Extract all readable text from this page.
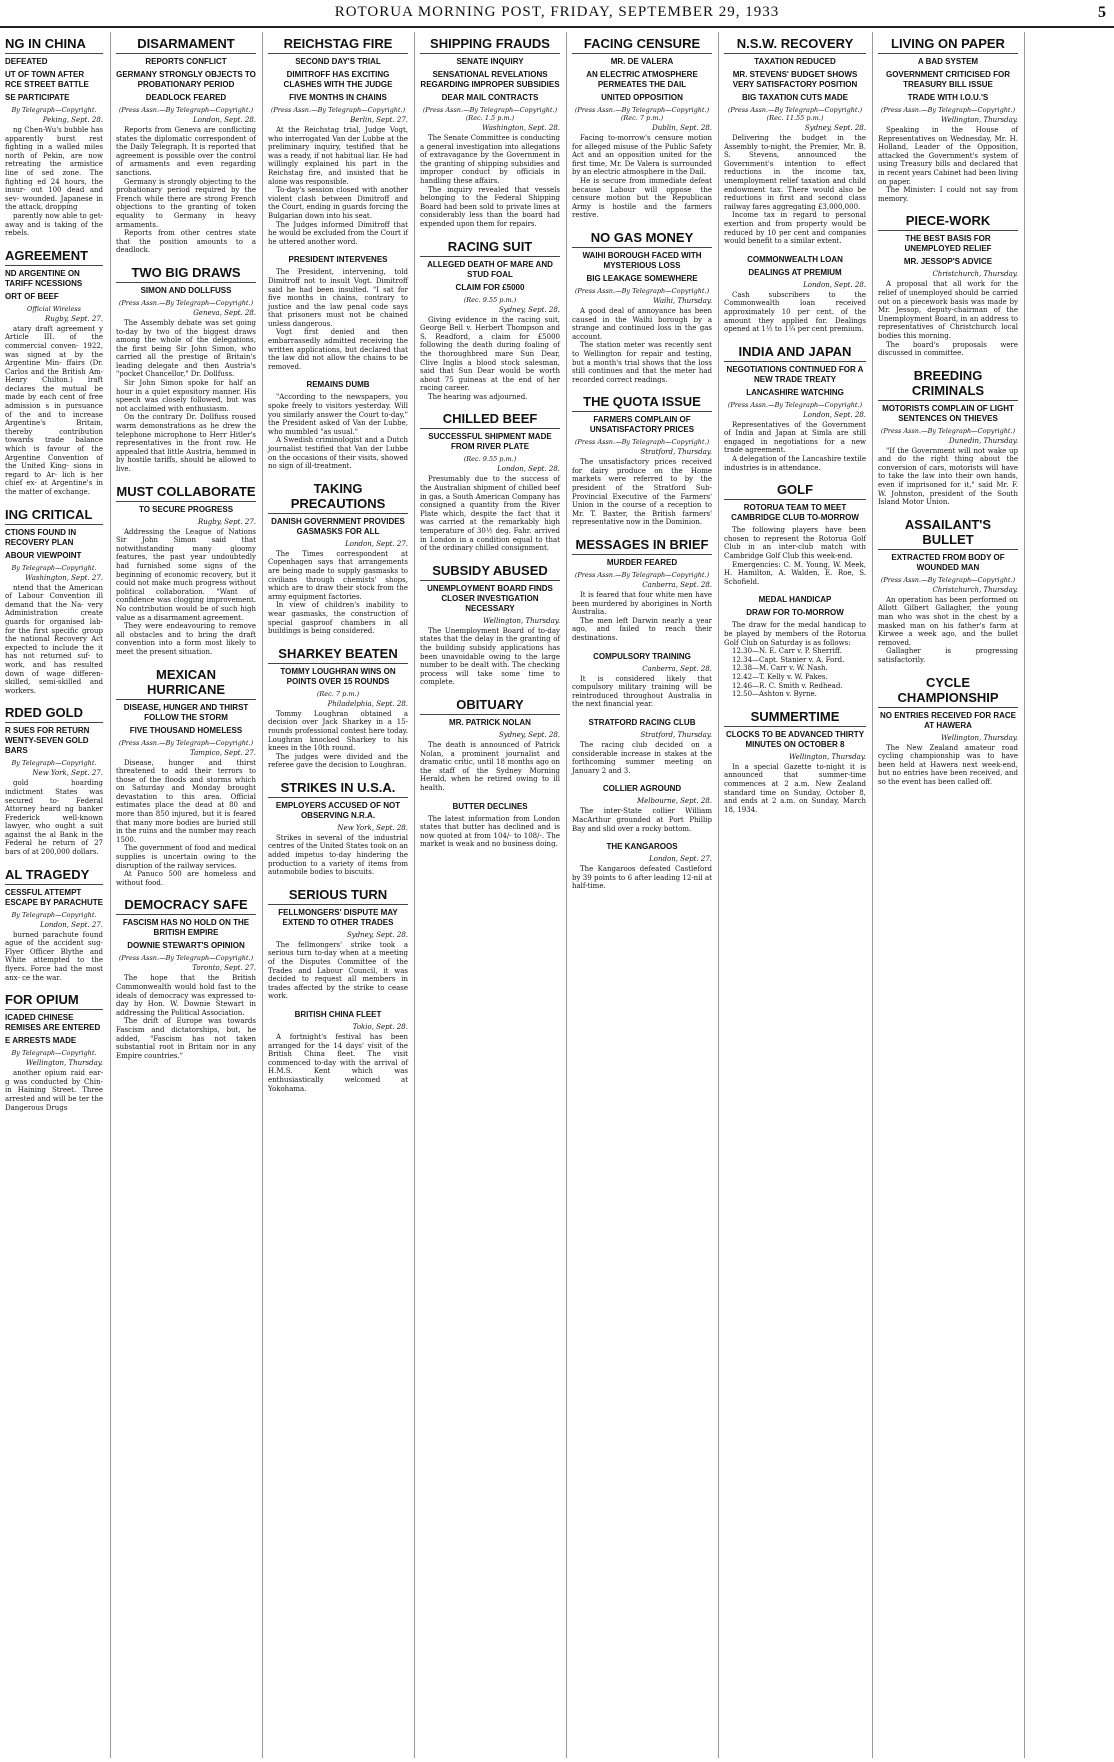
ROTORUA MORNING POST, FRIDAY, SEPTEMBER 29, 1933	5
NG IN CHINA
DEFEATED
UT OF TOWN AFTER RCE STREET BATTLE
SE PARTICIPATE
By Telegraph—Copyright.
Peking, Sept. 28.

ng Chen-Wu's bubble has apparently burst rest fighting in a walled miles north of Pekin, are now retreating the armistice line of sed zone. The fighting ed 24 hours, the insur- out 100 dead and sev- wounded. Japanese in the attack, dropping

parently now able to get-away and is taking of the rebels.

AGREEMENT
ND ARGENTINE ON TARIFF NCESSIONS
ORT OF BEEF
Official Wireless
Rugby, Sept. 27.

atary draft agreement y Article III. of the commercial conven- 1922, was signed at by the Argentine Min- ffairs (Dr. Carlos and the British Am- Henry Chilton.) lraft declares the mutual be made by each cent of free admission s in pursuance of the and to increase Argentine's Britain, thereby contribution towards trade balance which is favour of the Argentine Convention of the United King- sions in regard to Ar- lich is her chief ex- at Argentine's in the matter of exchange.

ING CRITICAL
CTIONS FOUND IN RECOVERY PLAN
ABOUR VIEWPOINT
By Telegraph—Copyright.
Washington, Sept. 27.

ntend that the American of Labour Convention ill demand that the Na- very Administration create guards for organised lab- for the first specific group the national Recovery Act expected to include the it has not returned suf- to work, and has resulted down of wage differen- skilled, semi-skilled and workers.

RDED GOLD
R SUES FOR RETURN WENTY-SEVEN GOLD BARS
By Telegraph—Copyright.
New York, Sept. 27.

gold hoarding indictment States was secured to- Federal Attorney heard ng banker Frederick well-known lawyer, who ought a suit against the al Bank in the Federal he return of 27 bars of at 200,000 dollars.

AL TRAGEDY
CESSFUL ATTEMPT ESCAPE BY PARACHUTE
By Telegraph—Copyright.
London, Sept. 27.

burned parachute found ague of the accident sug- Flyer Officer Blythe and White attempted to the flyers. Force had the most anx- ce the war.

FOR OPIUM
ICADED CHINESE REMISES ARE ENTERED
E ARRESTS MADE
By Telegraph—Copyright.
Wellington, Thursday.

another opium raid ear- g was conducted by Chin- in Haining Street. Three arrested and will be ter the Dangerous Drugs

DISARMAMENT
REPORTS CONFLICT
GERMANY STRONGLY OBJECTS TO PROBATIONARY PERIOD
DEADLOCK FEARED
(Press Assn.—By Telegraph—Copyright.)
London, Sept. 28.

Reports from Geneva are conflicting states the diplomatic correspondent of the Daily Telegraph. It is reported that agreement is possible over the control of armaments and even regarding sanctions.

Germany is strongly objecting to the probationary period required by the French while there are strong French objections to the granting of token equality to Germany in heavy armaments.

Reports from other centres state that the position amounts to a deadlock.

TWO BIG DRAWS
SIMON AND DOLLFUSS
(Press Assn.—By Telegraph—Copyright.)
Geneva, Sept. 28.

The Assembly debate was set going to-day by two of the biggest draws among the whole of the delegations, the first being Sir John Simon, who carried all the prestige of Britain's leading delegate and then Austria's "pocket Chancellor," Dr. Dollfuss.

Sir John Simon spoke for half an hour in a quiet expository manner. His speech was closely followed, but was not acclaimed with enthusiasm.

On the contrary Dr. Dollfuss roused warm demonstrations as he drew the telephone microphone to Herr Hitler's representatives in the front row. He appealed that little Austria, hemmed in by hostile tariffs, should be allowed to live.

MUST COLLABORATE
TO SECURE PROGRESS
Rugby, Sept. 27.

Addressing the League of Nations Sir John Simon said that notwithstanding many gloomy features, the past year undoubtedly had furnished some signs of the beginning of economic recovery, but it could not make much progress without political collaboration. "Want of confidence was clogging improvement. No contribution would be of such high value as a disarmament agreement.

They were endeavouring to remove all obstacles and to bring the draft convention into a form most likely to meet the present situation.

MEXICAN HURRICANE
DISEASE, HUNGER AND THIRST FOLLOW THE STORM
FIVE THOUSAND HOMELESS
(Press Assn.—By Telegraph—Copyright.)
Tampico, Sept. 27.

Disease, hunger and thirst threatened to add their terrors to those of the floods and storms which on Saturday and Monday brought devastation to this area. Official estimates place the dead at 80 and more than 850 injured, but it is feared that many more bodies are buried still in the ruins and the number may reach 1500.

The government of food and medical supplies is uncertain owing to the disruption of the railway services.

At Panuco 500 are homeless and without food.

DEMOCRACY SAFE
FASCISM HAS NO HOLD ON THE BRITISH EMPIRE
DOWNIE STEWART'S OPINION
(Press Assn.—By Telegraph—Copyright.)
Toronto, Sept. 27.

The hope that the British Commonwealth would hold fast to the ideals of democracy was expressed to-day by Hon. W. Downie Stewart in addressing the Political Association.

The drift of Europe was towards Fascism and dictatorships, but, he added, "Fascism has not taken substantial root in Britain nor in any Empire countries."

REICHSTAG FIRE
SECOND DAY'S TRIAL
DIMITROFF HAS EXCITING CLASHES WITH THE JUDGE
FIVE MONTHS IN CHAINS
(Press Assn.—By Telegraph—Copyright.)
Berlin, Sept. 27.

At the Reichstag trial, Judge Vogt, who interrogated Van der Lubbe at the preliminary inquiry, testified that he was a ready, if not habitual liar. He had willingly explained his part in the Reichstag fire, and insisted that he alone was responsible.

To-day's session closed with another violent clash between Dimitroff and the Court, ending in guards forcing the Bulgarian down into his seat.

The Judges informed Dimitroff that he would be excluded from the Court if he uttered another word.

PRESIDENT INTERVENES

The President, intervening, told Dimitroff not to insult Vogt. Dimitroff said he had been insulted. "I sat for five months in chains, contrary to justice and the law penal code says that prisoners must not be chained unless dangerous.

Vogt first denied and then embarrassedly admitted receiving the written applications, but declared that the law did not allow the chains to be removed.

REMAINS DUMB

"According to the newspapers, you spoke freely to visitors yesterday. Will you similarly answer the Court to-day," the President asked of Van der Lubbe, who mumbled "as usual."

A Swedish criminologist and a Dutch journalist testified that Van der Lubbe on the occasions of their visits, showed no sign of ill-treatment.

TAKING PRECAUTIONS
DANISH GOVERNMENT PROVIDES GASMASKS FOR ALL
London, Sept. 27.

The Times correspondent at Copenhagen says that arrangements are being made to supply gasmasks to civilians through chemists' shops, which are to draw their stock from the army equipment factories.

In view of children's inability to wear gasmasks, the construction of special gasproof chambers in all buildings is being considered.

SHARKEY BEATEN
TOMMY LOUGHRAN WINS ON POINTS OVER 15 ROUNDS
(Rec. 7 p.m.)
Philadelphia, Sept. 28.

Tommy Loughran obtained a decision over Jack Sharkey in a 15-rounds professional contest here today. Loughran knocked Sharkey to his knees in the 10th round.

The judges were divided and the referee gave the decision to Loughran.

STRIKES IN U.S.A.
EMPLOYERS ACCUSED OF NOT OBSERVING N.R.A.
New York, Sept. 28.

Strikes in several of the industrial centres of the United States took on an added impetus to-day hindering the production to a variety of items from automobile bodies to biscuits.

SERIOUS TURN
FELLMONGERS' DISPUTE MAY EXTEND TO OTHER TRADES
Sydney, Sept. 28.

The fellmongers' strike took a serious turn to-day when at a meeting of the Disputes Committee of the Trades and Labour Council, it was decided to request all members in trades affected by the strike to cease work.

BRITISH CHINA FLEET
Tokio, Sept. 28.

A fortnight's festival has been arranged for the 14 days' visit of the British China fleet. The visit commenced to-day with the arrival of H.M.S. Kent which was enthusiastically welcomed at Yokohama.

SHIPPING FRAUDS
SENATE INQUIRY
SENSATIONAL REVELATIONS REGARDING IMPROPER SUBSIDIES
DEAR MAIL CONTRACTS
(Press Assn.—By Telegraph—Copyright.) (Rec. 1.5 p.m.)
Washington, Sept. 28.

The Senate Committee is conducting a general investigation into allegations of extravagance by the Government in the granting of shipping subsidies and improper conduct by officials in handling these affairs.

The inquiry revealed that vessels belonging to the Federal Shipping Board had been sold to private lines at considerably less than the board had expended upon them for repairs.

RACING SUIT
ALLEGED DEATH OF MARE AND STUD FOAL
CLAIM FOR £5000
(Rec. 9.55 p.m.)
Sydney, Sept. 28.

Giving evidence in the racing suit, George Bell v. Herbert Thompson and S. Readford, a claim for £5000 following the death during foaling of the thoroughbred mare Sun Dear, Clive Inglis a blood stock salesman, said that Sun Dear would be worth about 75 guineas at the end of her racing career.

The hearing was adjourned.

CHILLED BEEF
SUCCESSFUL SHIPMENT MADE FROM RIVER PLATE
(Rec. 9.55 p.m.)
London, Sept. 28.

Presumably due to the success of the Australian shipment of chilled beef in gas, a South American Company has consigned a quantity from the River Plate which, despite the fact that it was carried at the remarkably high temperature of 30½ deg. Fahr. arrived in London in a condition equal to that of the ordinary chilled consignment.

SUBSIDY ABUSED
UNEMPLOYMENT BOARD FINDS CLOSER INVESTIGATION NECESSARY
Wellington, Thursday.

The Unemployment Board of to-day states that the delay in the granting of the building subsidy applications has been unavoidable owing to the large number to be dealt with. The checking process will take some time to complete.

OBITUARY
MR. PATRICK NOLAN
Sydney, Sept. 28.

The death is announced of Patrick Nolan, a prominent journalist and dramatic critic, until 18 months ago on the staff of the Sydney Morning Herald, when he retired owing to ill health.

BUTTER DECLINES

The latest information from London states that butter has declined and is now quoted at from 104/- to 108/-. The market is weak and no business doing.

FACING CENSURE
MR. DE VALERA
AN ELECTRIC ATMOSPHERE PERMEATES THE DAIL
UNITED OPPOSITION
(Press Assn.—By Telegraph—Copyright.) (Rec. 7 p.m.)
Dublin, Sept. 28.

Facing to-morrow's censure motion for alleged misuse of the Public Safety Act and an opposition united for the first time, Mr. De Valera is surrounded by an electric atmosphere in the Dail.

He is secure from immediate defeat because Labour will oppose the censure motion but the Republican Army is hostile and the farmers restive.

NO GAS MONEY
WAIHI BOROUGH FACED WITH MYSTERIOUS LOSS
BIG LEAKAGE SOMEWHERE
(Press Assn.—By Telegraph—Copyright.)
Waihi, Thursday.

A good deal of annoyance has been caused in the Waihi borough by a strange and continued loss in the gas account.

The station meter was recently sent to Wellington for repair and testing, but a month's trial shows that the loss still continues and that the meter had recorded correct readings.

THE QUOTA ISSUE
FARMERS COMPLAIN OF UNSATISFACTORY PRICES
(Press Assn.—By Telegraph—Copyright.)
Stratford, Thursday.

The unsatisfactory prices received for dairy produce on the Home markets were referred to by the president of the Stratford Sub-Provincial Executive of the Farmers' Union in the course of a reception to Mr. T. Baxter, the British farmers' representative now in the Dominion.

MESSAGES IN BRIEF
MURDER FEARED
(Press Assn.—By Telegraph—Copyright.)
Canberra, Sept. 28.

It is feared that four white men have been murdered by aborigines in North Australia.

The men left Darwin nearly a year ago, and failed to reach their destinations.

COMPULSORY TRAINING
Canberra, Sept. 28.

It is considered likely that compulsory military training will be reintroduced throughout Australia in the next financial year.

STRATFORD RACING CLUB
Stratford, Thursday.

The racing club decided on a considerable increase in stakes at the forthcoming summer meeting on January 2 and 3.

COLLIER AGROUND
Melbourne, Sept. 28.

The inter-State collier William MacArthur grounded at Port Phillip Bay and slid over a rocky bottom.

THE KANGAROOS
London, Sept. 27.

The Kangaroos defeated Castleford by 39 points to 6 after leading 12-nil at half-time.

N.S.W. RECOVERY
TAXATION REDUCED
MR. STEVENS' BUDGET SHOWS VERY SATISFACTORY POSITION
BIG TAXATION CUTS MADE
(Press Assn.—By Telegraph—Copyright.) (Rec. 11.55 p.m.)
Sydney, Sept. 28.

Delivering the budget in the Assembly to-night, the Premier, Mr. B. S. Stevens, announced the Government's intention to effect reductions in the income tax, unemployment relief taxation and child endowment tax. There would also be reductions in first and second class railway fares aggregating £3,000,000.

Income tax in regard to personal exertion and from property would be reduced by 10 per cent and companies would benefit to a similar extent.

COMMONWEALTH LOAN
DEALINGS AT PREMIUM
London, Sept. 28.

Cash subscribers to the Commonwealth loan received approximately 10 per cent. of the amount they applied for. Dealings opened at 1½ to 1¼ per cent premium.

INDIA AND JAPAN
NEGOTIATIONS CONTINUED FOR A NEW TRADE TREATY
LANCASHIRE WATCHING
(Press Assn.—By Telegraph—Copyright.)
London, Sept. 28.

Representatives of the Government of India and Japan at Simla are still engaged in negotiations for a new trade agreement.

A delegation of the Lancashire textile industries is in attendance.

GOLF
ROTORUA TEAM TO MEET CAMBRIDGE CLUB TO-MORROW

The following players have been chosen to represent the Rotorua Golf Club in an inter-club match with Cambridge Golf Club this week-end.

Emergencies: C. M. Young, W. Meek, H. Hamilton, A. Walden, E. Roe, S. Schofield.

MEDAL HANDICAP
DRAW FOR TO-MORROW

The draw for the medal handicap to be played by members of the Rotorua Golf Club on Saturday is as follows:

12.30—N. E. Carr v. P. Sherriff.

12.34—Capt. Stanier v. A. Ford.

12.38—M. Carr v. W. Nash.

12.42—T. Kelly v. W. Pakes.

12.46—R. C. Smith v. Redhead.

12.50—Ashton v. Byrne.

SUMMERTIME
CLOCKS TO BE ADVANCED THIRTY MINUTES ON OCTOBER 8
Wellington, Thursday.

In a special Gazette to-night it is announced that summer-time commences at 2 a.m. New Zealand standard time on Sunday, October 8, and ends at 2 a.m. on Sunday, March 18, 1934.

LIVING ON PAPER
A BAD SYSTEM
GOVERNMENT CRITICISED FOR TREASURY BILL ISSUE
TRADE WITH I.O.U.'S
(Press Assn.—By Telegraph—Copyright.)
Wellington, Thursday.

Speaking in the House of Representatives on Wednesday, Mr. H. Holland, Leader of the Opposition, attacked the Government's system of using Treasury bills and declared that in recent years Cabinet had been living on paper.

The Minister: I could not say from memory.

PIECE-WORK
THE BEST BASIS FOR UNEMPLOYED RELIEF
MR. JESSOP'S ADVICE
Christchurch, Thursday.

A proposal that all work for the relief of unemployed should be carried out on a piecework basis was made by Mr. Jessop, deputy-chairman of the Unemployment Board, in an address to representatives of Christchurch local bodies this morning.

The board's proposals were discussed in committee.

BREEDING CRIMINALS
MOTORISTS COMPLAIN OF LIGHT SENTENCES ON THIEVES
(Press Assn.—By Telegraph—Copyright.)
Dunedin, Thursday.

"If the Government will not wake up and do the right thing about the conversion of cars, motorists will have to take the law into their own hands, even if imprisoned for it," said Mr. F. W. Johnston, president of the South Island Motor Union.

ASSAILANT'S BULLET
EXTRACTED FROM BODY OF WOUNDED MAN
(Press Assn.—By Telegraph—Copyright.)
Christchurch, Thursday.

An operation has been performed on Allott Gilbert Gallagher, the young man who was shot in the chest by a masked man on his father's farm at Kirwee a week ago, and the bullet removed.

Gallagher is progressing satisfactorily.

CYCLE CHAMPIONSHIP
NO ENTRIES RECEIVED FOR RACE AT HAWERA
Wellington, Thursday.

The New Zealand amateur road cycling championship was to have been held at Hawera next week-end, but no entries have been received, and so the event has been called off.
